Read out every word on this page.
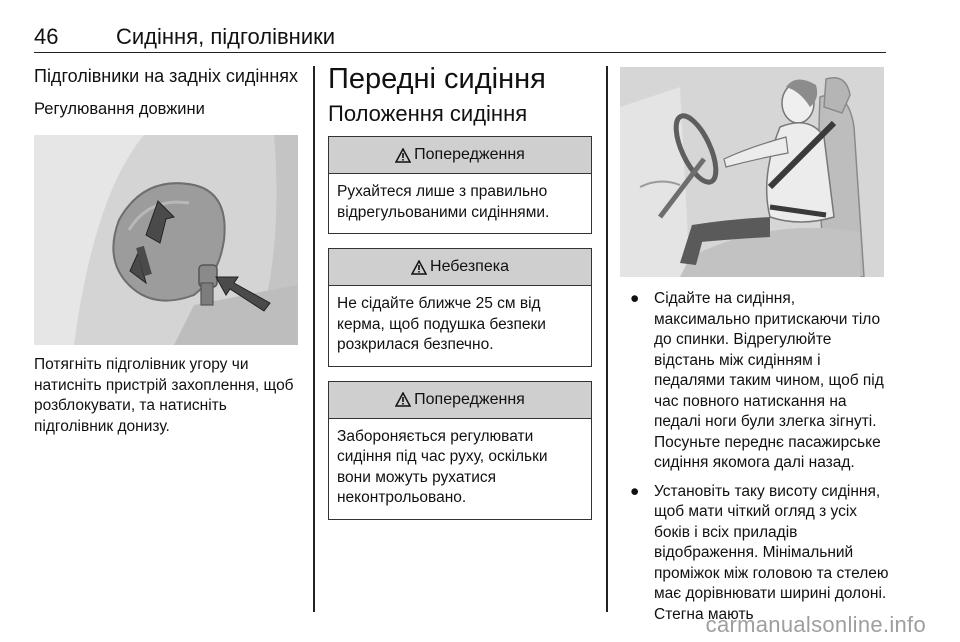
46	Сидіння, підголівники
Підголівники на задніх сидіннях
Регулювання довжини

Потягніть підголівник угору чи натисніть пристрій захоплення, щоб розблокувати, та натисніть підголівник донизу.

Передні сидіння
Положення сидіння
Попередження
Рухайтеся лише з правильно відрегульованими сидіннями.
Небезпека
Не сідайте ближче 25 см від керма, щоб подушка безпеки розкрилася безпечно.
Попередження
Забороняється регулювати сидіння під час руху, оскільки вони можуть рухатися неконтрольовано.
● Сідайте на сидіння, максимально притискаючи тіло до спинки. Відрегулюйте відстань між сидінням і педалями таким чином, щоб під час повного натискання на педалі ноги були злегка зігнуті. Посуньте переднє пасажирське сидіння якомога далі назад.
● Установіть таку висоту сидіння, щоб мати чіткий огляд з усіх боків і всіх приладів відображення. Мінімальний проміжок між головою та стелею має дорівнювати ширині долоні. Стегна мають
carmanualsonline.info
